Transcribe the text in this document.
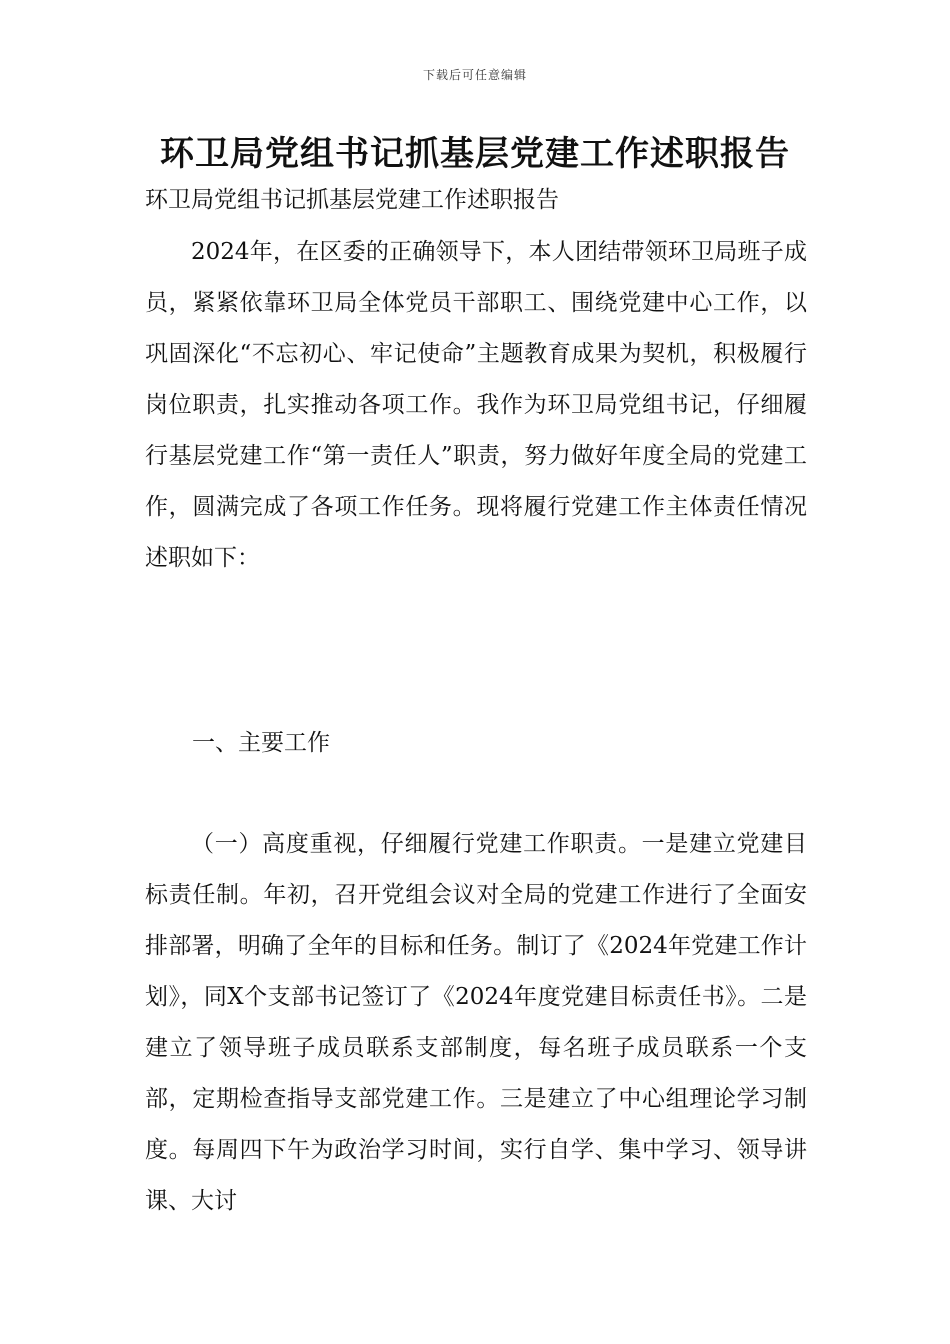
下载后可任意编辑
环卫局党组书记抓基层党建工作述职报告
环卫局党组书记抓基层党建工作述职报告

2024年，在区委的正确领导下，本人团结带领环卫局班子成员，紧紧依靠环卫局全体党员干部职工、围绕党建中心工作，以巩固深化“不忘初心、牢记使命”主题教育成果为契机，积极履行岗位职责，扎实推动各项工作。我作为环卫局党组书记，仔细履行基层党建工作“第一责任人”职责，努力做好年度全局的党建工作，圆满完成了各项工作任务。现将履行党建工作主体责任情况述职如下：

一、主要工作

（一）高度重视，仔细履行党建工作职责。一是建立党建目标责任制。年初，召开党组会议对全局的党建工作进行了全面安排部署，明确了全年的目标和任务。制订了《2024年党建工作计划》，同X个支部书记签订了《2024年度党建目标责任书》。二是建立了领导班子成员联系支部制度，每名班子成员联系一个支部，定期检查指导支部党建工作。三是建立了中心组理论学习制度。每周四下午为政治学习时间，实行自学、集中学习、领导讲课、大讨
